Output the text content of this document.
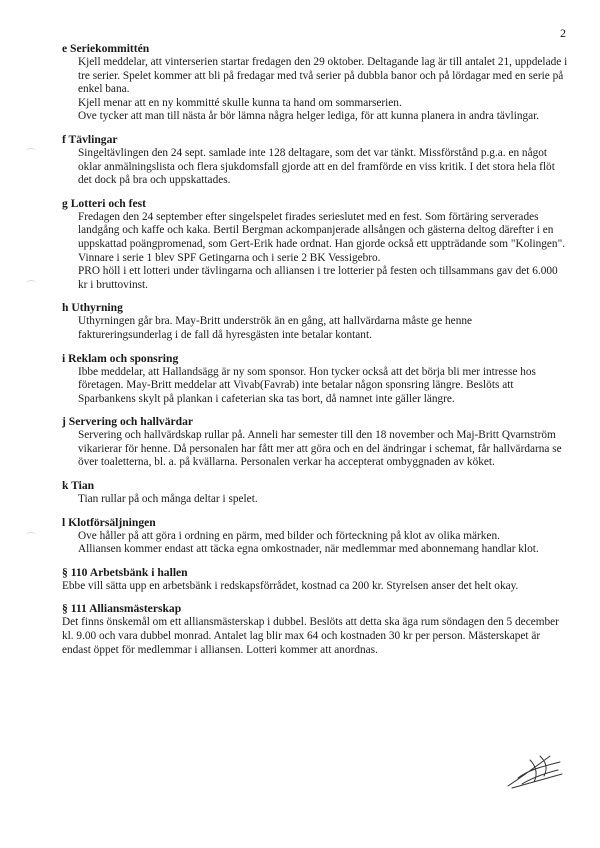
2
e Seriekommittén

Kjell meddelar, att vinterserien startar fredagen den 29 oktober. Deltagande lag är till antalet 21, uppdelade i tre serier. Spelet kommer att bli på fredagar med två serier på dubbla banor och på lördagar med en serie på enkel bana.

Kjell menar att en ny kommitté skulle kunna ta hand om sommarserien.

Ove tycker att man till nästa år bör lämna några helger lediga, för att kunna planera in andra tävlingar.

f Tävlingar

Singeltävlingen den 24 sept. samlade inte 128 deltagare, som det var tänkt. Missförstånd p.g.a. en något oklar anmälningslista och flera sjukdomsfall gjorde att en del framförde en viss kritik. I det stora hela flöt det dock på bra och uppskattades.

g Lotteri och fest

Fredagen den 24 september efter singelspelet firades serieslutet med en fest. Som förtäring serverades landgång och kaffe och kaka. Bertil Bergman ackompanjerade allsången och gästerna deltog därefter i en uppskattad poängpromenad, som Gert-Erik hade ordnat. Han gjorde också ett uppträdande som "Kolingen".

Vinnare i serie 1 blev SPF Getingarna och i serie 2 BK Vessigebro.

PRO höll i ett lotteri under tävlingarna och alliansen i tre lotterier på festen och tillsammans gav det 6.000 kr i bruttovinst.

h Uthyrning

Uthyrningen går bra. May-Britt underströk än en gång, att hallvärdarna måste ge henne faktureringsunderlag i de fall då hyresgästen inte betalar kontant.

i Reklam och sponsring

Ibbe meddelar, att Hallandsägg är ny som sponsor. Hon tycker också att det börja bli mer intresse hos företagen. May-Britt meddelar att Vivab(Favrab) inte betalar någon sponsring längre. Beslöts att Sparbankens skylt på plankan i cafeterian ska tas bort, då namnet inte gäller längre.

j Servering och hallvärdar

Servering och hallvärdskap rullar på. Anneli har semester till den 18 november och Maj-Britt Qvarnström vikarierar för henne. Då personalen har fått mer att göra och en del ändringar i schemat, får hallvärdarna se över toaletterna, bl. a. på kvällarna. Personalen verkar ha accepterat ombyggnaden av köket.

k Tian

Tian rullar på och många deltar i spelet.

l Klotförsäljningen

Ove håller på att göra i ordning en pärm, med bilder och förteckning på klot av olika märken.

Alliansen kommer endast att täcka egna omkostnader, när medlemmar med abonnemang handlar klot.

§ 110 Arbetsbänk i hallen

Ebbe vill sätta upp en arbetsbänk i redskapsförrådet, kostnad ca 200 kr. Styrelsen anser det helt okay.

§ 111 Alliansmästerskap

Det finns önskemål om ett alliansmästerskap i dubbel. Beslöts att detta ska äga rum söndagen den 5 december kl. 9.00 och vara dubbel monrad. Antalet lag blir max 64 och kostnaden 30 kr per person. Mästerskapet är endast öppet för medlemmar i alliansen. Lotteri kommer att anordnas.
